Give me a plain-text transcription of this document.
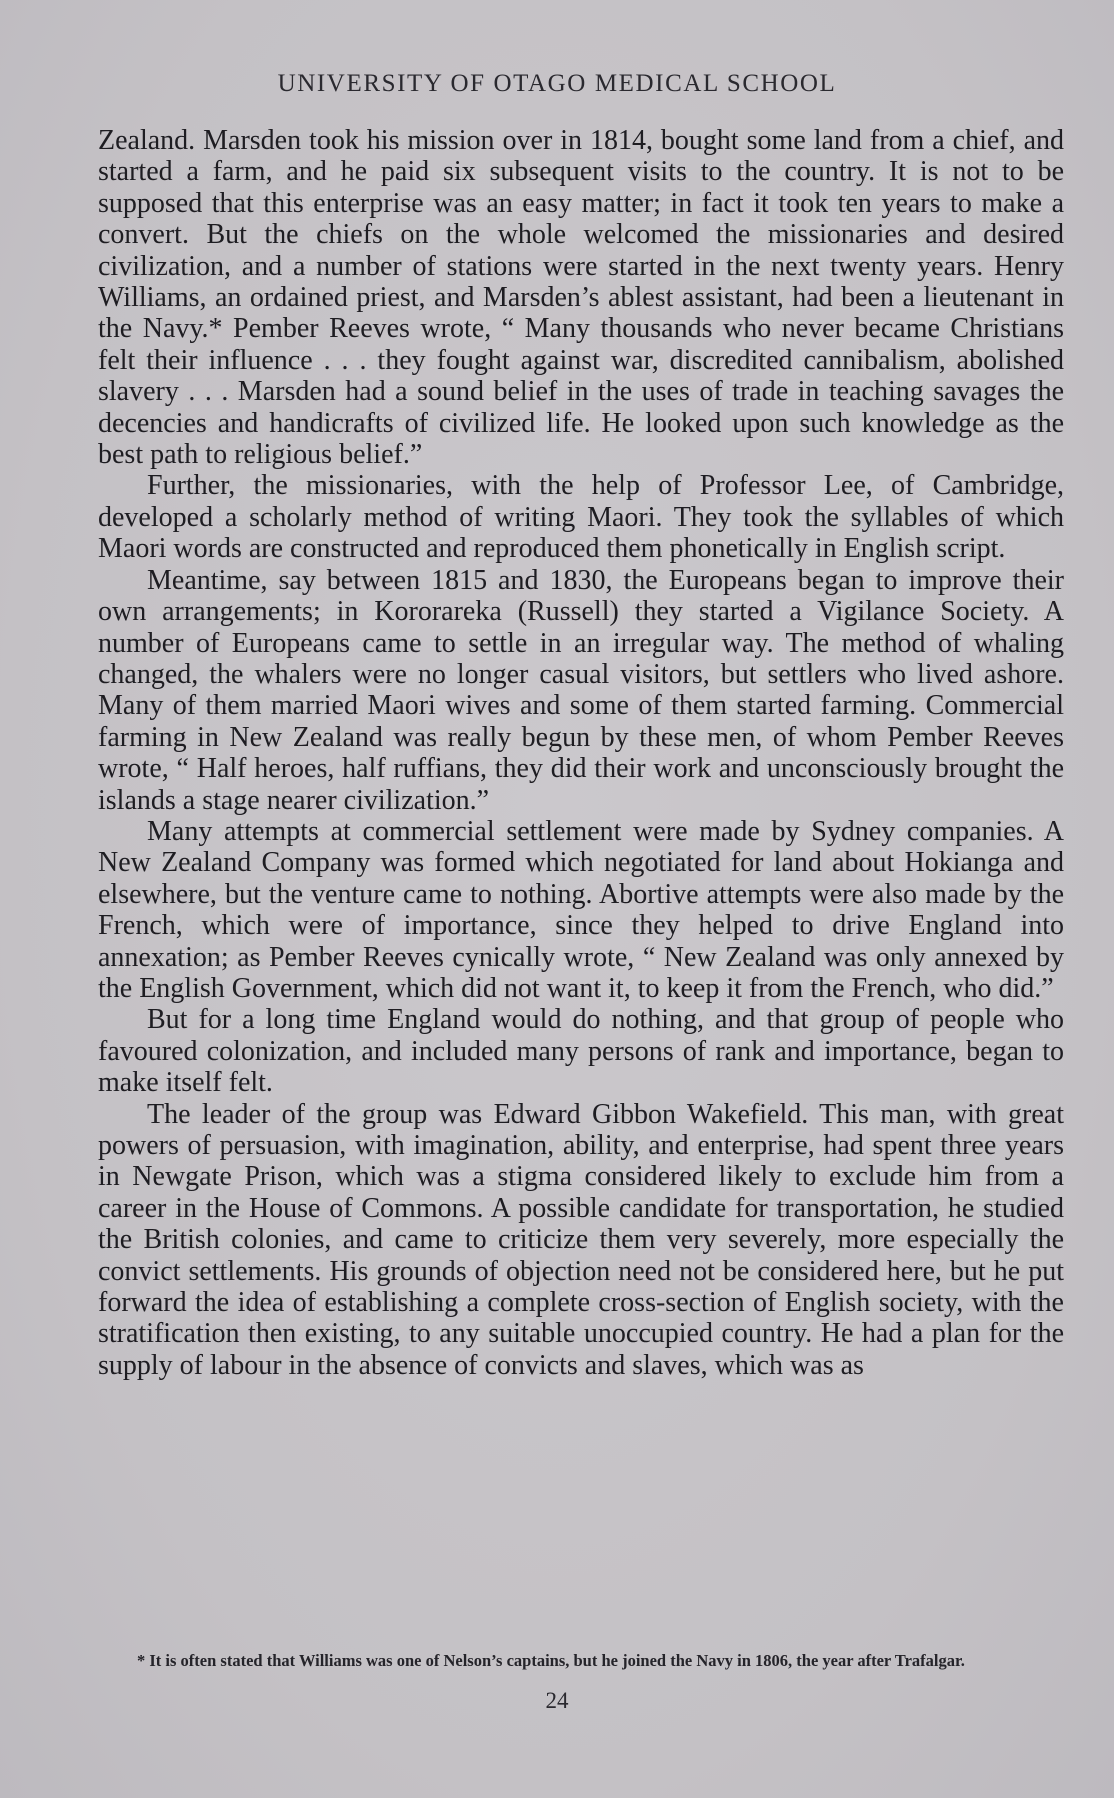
UNIVERSITY OF OTAGO MEDICAL SCHOOL

Zealand. Marsden took his mission over in 1814, bought some land from a chief, and started a farm, and he paid six subsequent visits to the country. It is not to be supposed that this enterprise was an easy matter; in fact it took ten years to make a convert. But the chiefs on the whole welcomed the missionaries and desired civilization, and a number of stations were started in the next twenty years. Henry Williams, an ordained priest, and Marsden’s ablest assistant, had been a lieutenant in the Navy.* Pember Reeves wrote, “ Many thousands who never became Christians felt their influence . . . they fought against war, discredited cannibalism, abolished slavery . . . Marsden had a sound belief in the uses of trade in teaching savages the decencies and handicrafts of civilized life. He looked upon such knowledge as the best path to religious belief.”

Further, the missionaries, with the help of Professor Lee, of Cambridge, developed a scholarly method of writing Maori. They took the syllables of which Maori words are constructed and reproduced them phonetically in English script.

Meantime, say between 1815 and 1830, the Europeans began to improve their own arrangements; in Kororareka (Russell) they started a Vigilance Society. A number of Europeans came to settle in an irregular way. The method of whaling changed, the whalers were no longer casual visitors, but settlers who lived ashore. Many of them married Maori wives and some of them started farming. Commercial farming in New Zealand was really begun by these men, of whom Pember Reeves wrote, “ Half heroes, half ruffians, they did their work and unconsciously brought the islands a stage nearer civilization.”

Many attempts at commercial settlement were made by Sydney companies. A New Zealand Company was formed which negotiated for land about Hokianga and elsewhere, but the venture came to nothing. Abortive attempts were also made by the French, which were of importance, since they helped to drive England into annexation; as Pember Reeves cynically wrote, “ New Zealand was only annexed by the English Government, which did not want it, to keep it from the French, who did.”

But for a long time England would do nothing, and that group of people who favoured colonization, and included many persons of rank and importance, began to make itself felt.

The leader of the group was Edward Gibbon Wakefield. This man, with great powers of persuasion, with imagination, ability, and enterprise, had spent three years in Newgate Prison, which was a stigma considered likely to exclude him from a career in the House of Commons. A possible candidate for transportation, he studied the British colonies, and came to criticize them very severely, more especially the convict settlements. His grounds of objection need not be considered here, but he put forward the idea of establishing a complete cross-section of English society, with the stratification then existing, to any suitable unoccupied country. He had a plan for the supply of labour in the absence of convicts and slaves, which was as

* It is often stated that Williams was one of Nelson’s captains, but he joined the Navy in 1806, the year after Trafalgar.
24
